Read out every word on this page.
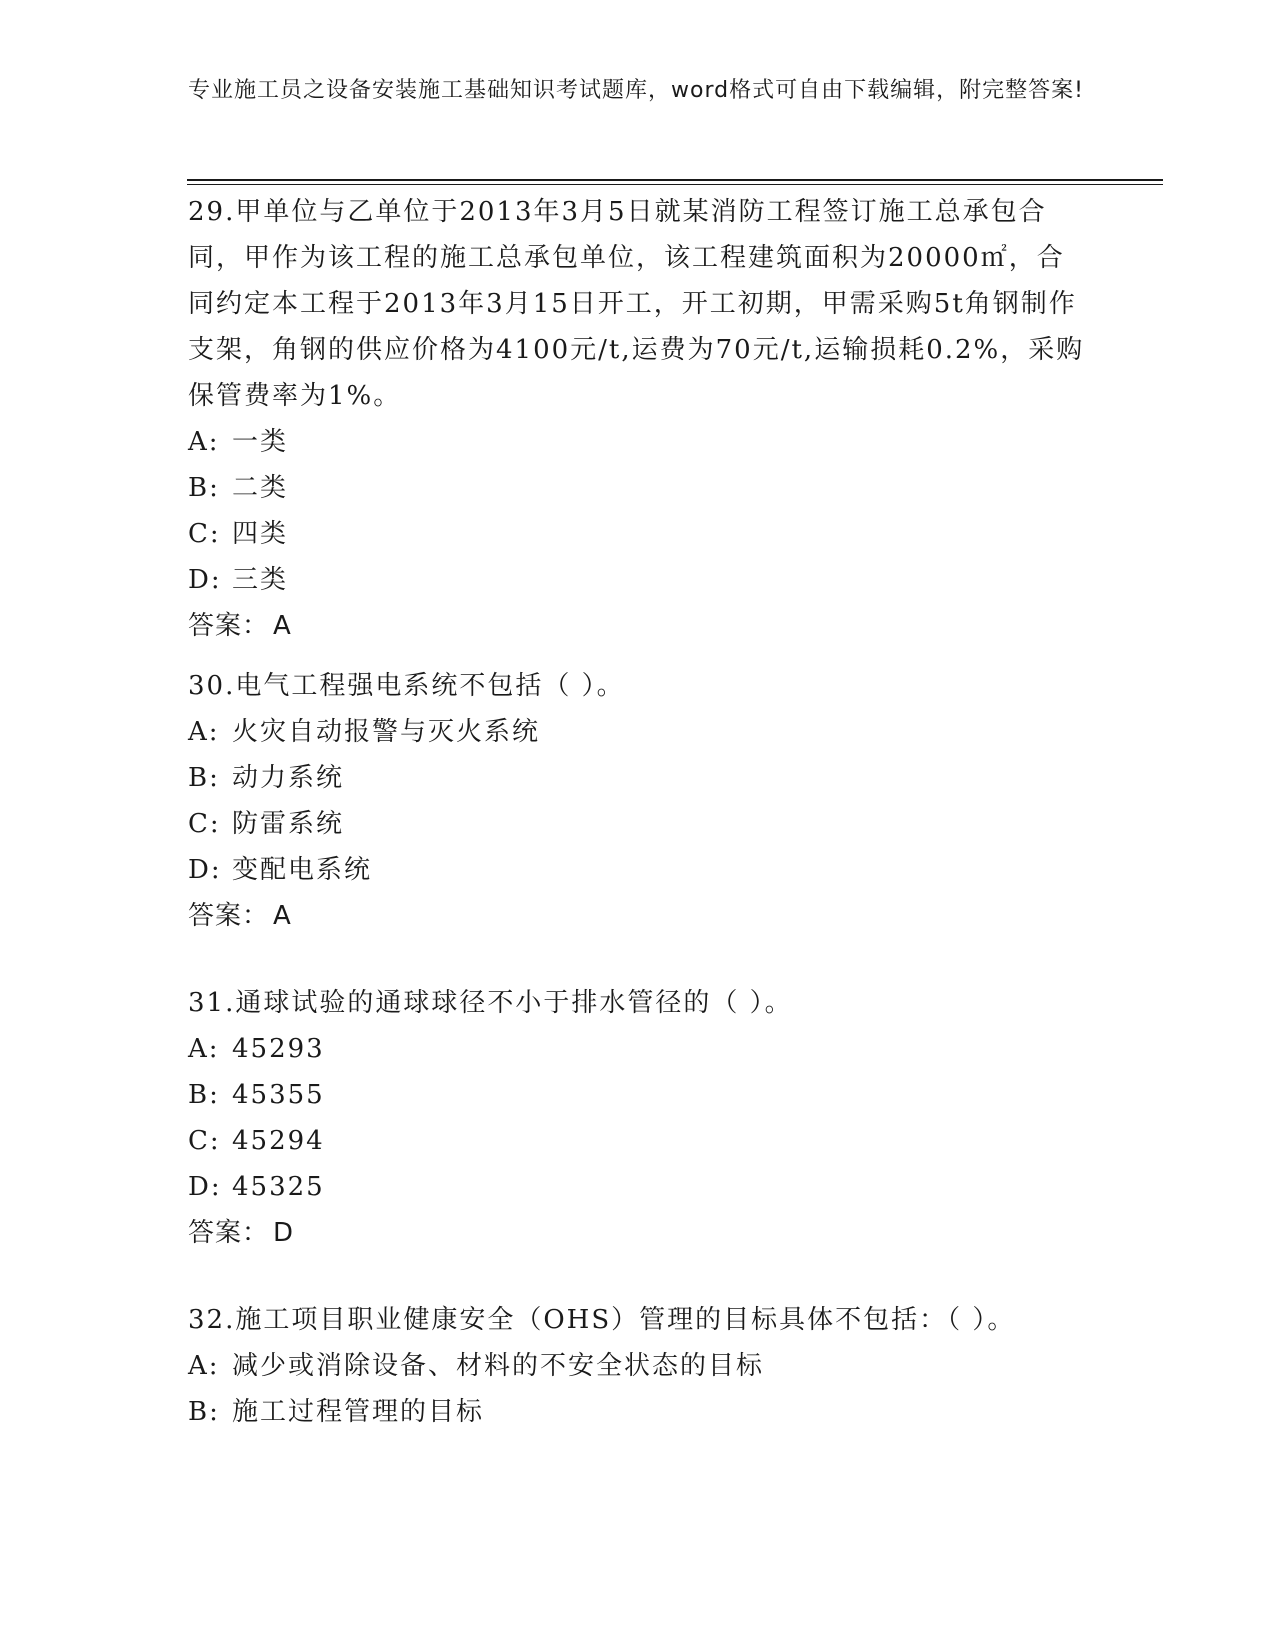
专业施工员之设备安装施工基础知识考试题库，word格式可自由下载编辑，附完整答案!
29.甲单位与乙单位于2013年3月5日就某消防工程签订施工总承包合同，甲作为该工程的施工总承包单位，该工程建筑面积为20000㎡，合同约定本工程于2013年3月15日开工，开工初期，甲需采购5t角钢制作支架，角钢的供应价格为4100元/t,运费为70元/t,运输损耗0.2%，采购保管费率为1%。
A: 一类
B: 二类
C: 四类
D: 三类
答案： A
30.电气工程强电系统不包括（ ）。
A: 火灾自动报警与灭火系统
B: 动力系统
C: 防雷系统
D: 变配电系统
答案： A
31.通球试验的通球球径不小于排水管径的（ ）。
A: 45293
B: 45355
C: 45294
D: 45325
答案： D
32.施工项目职业健康安全（OHS）管理的目标具体不包括：（ ）。
A: 减少或消除设备、材料的不安全状态的目标
B: 施工过程管理的目标
